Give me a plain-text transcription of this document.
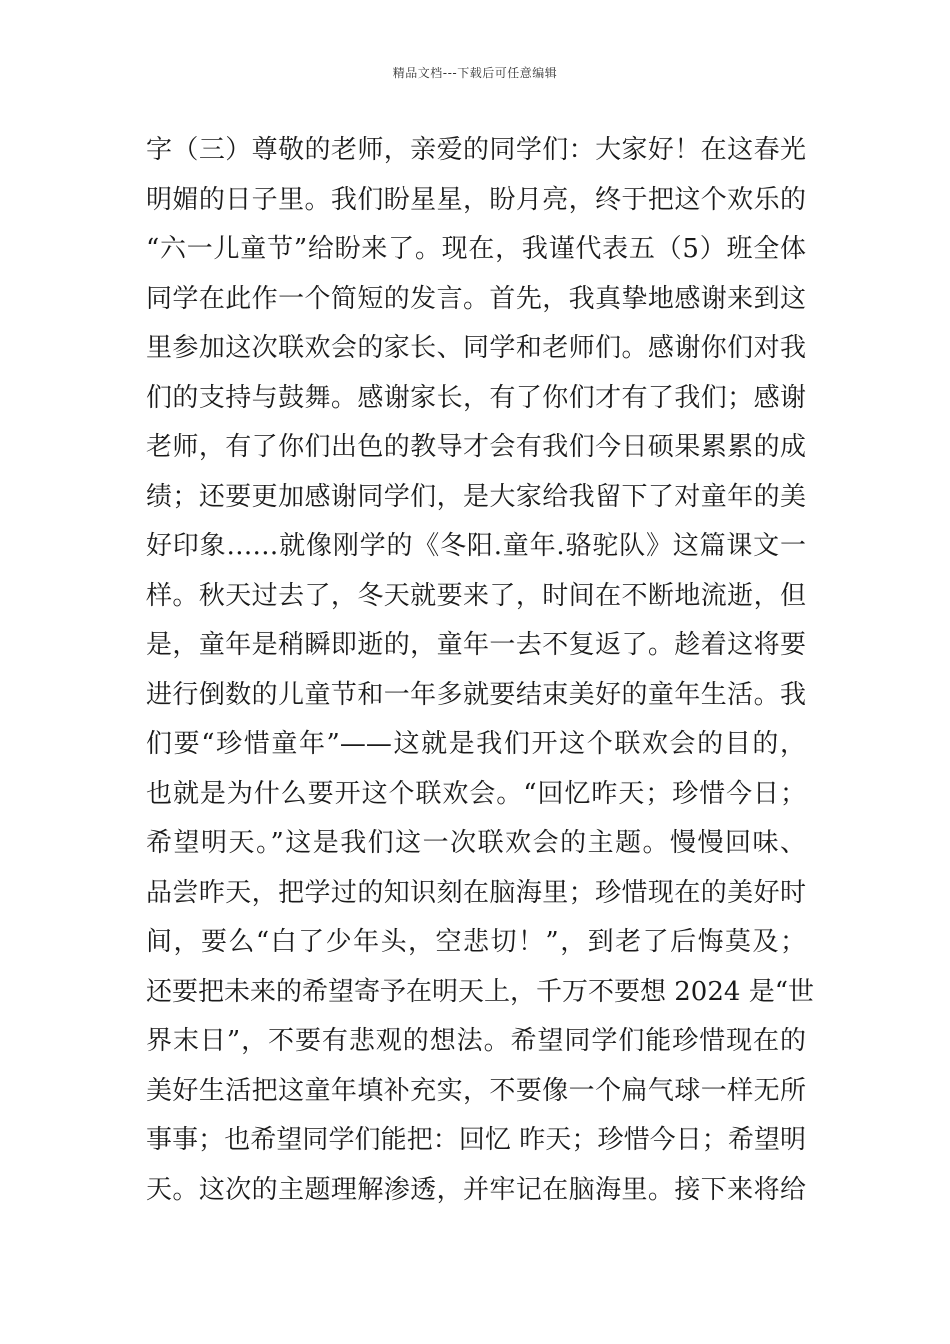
精品文档---下载后可任意编辑
字（三）尊敬的老师，亲爱的同学们：大家好！在这春光
明媚的日子里。我们盼星星，盼月亮，终于把这个欢乐的
“六一儿童节”给盼来了。现在，我谨代表五（5）班全体
同学在此作一个简短的发言。首先，我真挚地感谢来到这
里参加这次联欢会的家长、同学和老师们。感谢你们对我
们的支持与鼓舞。感谢家长，有了你们才有了我们；感谢
老师，有了你们出色的教导才会有我们今日硕果累累的成
绩；还要更加感谢同学们，是大家给我留下了对童年的美
好印象……就像刚学的《冬阳.童年.骆驼队》这篇课文一
样。秋天过去了，冬天就要来了，时间在不断地流逝，但
是，童年是稍瞬即逝的，童年一去不复返了。趁着这将要
进行倒数的儿童节和一年多就要结束美好的童年生活。我
们要“珍惜童年”——这就是我们开这个联欢会的目的，
也就是为什么要开这个联欢会。“回忆昨天；珍惜今日；
希望明天。”这是我们这一次联欢会的主题。慢慢回味、
品尝昨天，把学过的知识刻在脑海里；珍惜现在的美好时
间，要么“白了少年头，空悲切！”，到老了后悔莫及；
还要把未来的希望寄予在明天上，千万不要想 2024 是“世
界末日”，不要有悲观的想法。希望同学们能珍惜现在的
美好生活把这童年填补充实，不要像一个扁气球一样无所
事事；也希望同学们能把：回忆 昨天；珍惜今日；希望明
天。这次的主题理解渗透，并牢记在脑海里。接下来将给
